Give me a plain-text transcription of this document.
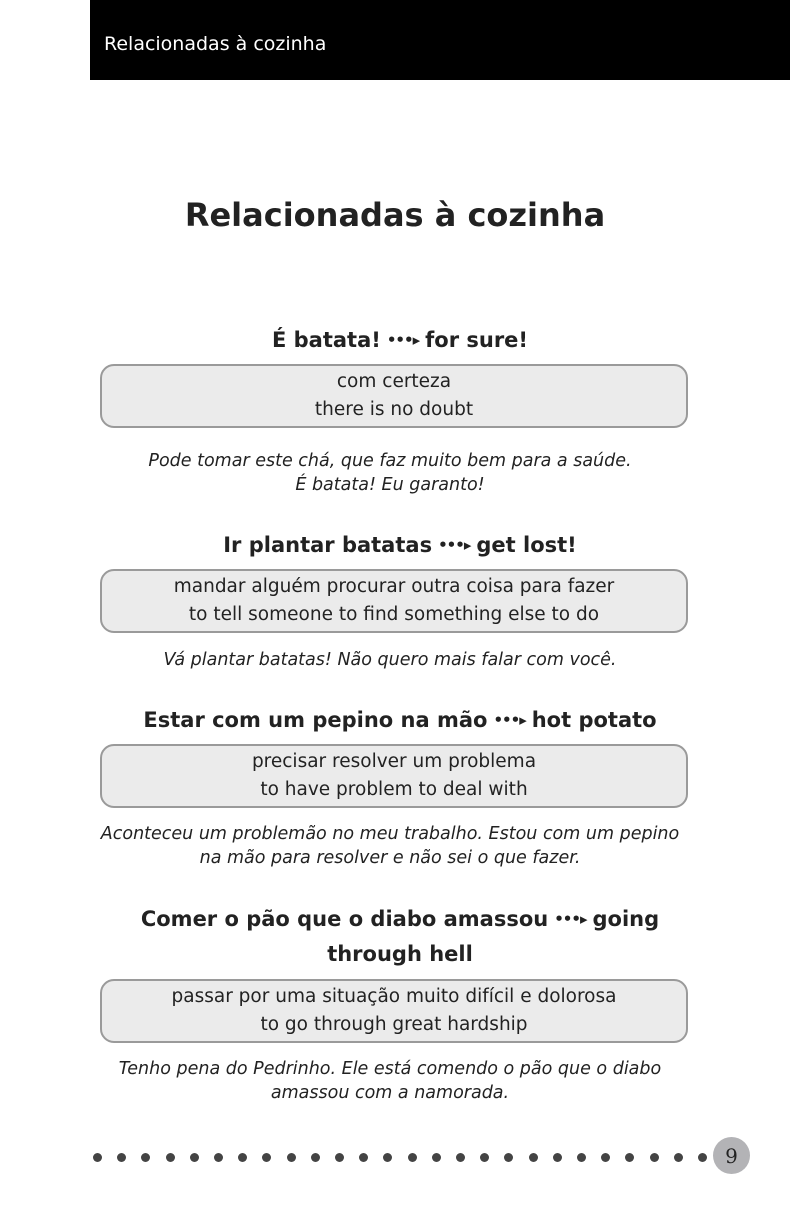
Relacionadas à cozinha
Relacionadas à cozinha
É batata! •••▸ for sure!
com certeza
there is no doubt
Pode tomar este chá, que faz muito bem para a saúde.
É batata! Eu garanto!
Ir plantar batatas •••▸ get lost!
mandar alguém procurar outra coisa para fazer
to tell someone to find something else to do
Vá plantar batatas! Não quero mais falar com você.
Estar com um pepino na mão •••▸ hot potato
precisar resolver um problema
to have problem to deal with
Aconteceu um problemão no meu trabalho. Estou com um pepino
na mão para resolver e não sei o que fazer.
Comer o pão que o diabo amassou •••▸ going through hell
passar por uma situação muito difícil e dolorosa
to go through great hardship
Tenho pena do Pedrinho. Ele está comendo o pão que o diabo
amassou com a namorada.
9
